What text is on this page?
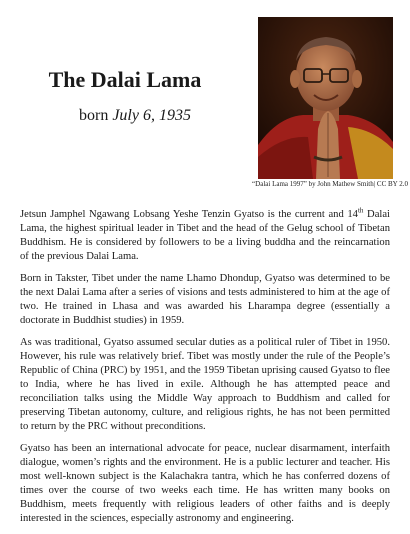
The Dalai Lama
born July 6, 1935
“Dalai Lama 1997” by John Mathew Smith| CC BY 2.0

Jetsun Jamphel Ngawang Lobsang Yeshe Tenzin Gyatso is the current and 14th Dalai Lama, the highest spiritual leader in Tibet and the head of the Gelug school of Tibetan Buddhism. He is considered by followers to be a living buddha and the reincarnation of the previous Dalai Lama.

Born in Takster, Tibet under the name Lhamo Dhondup, Gyatso was determined to be the next Dalai Lama after a series of visions and tests administered to him at the age of two. He trained in Lhasa and was awarded his Lharampa degree (essentially a doctorate in Buddhist studies) in 1959.

As was traditional, Gyatso assumed secular duties as a political ruler of Tibet in 1950. However, his rule was relatively brief. Tibet was mostly under the rule of the People’s Republic of China (PRC) by 1951, and the 1959 Tibetan uprising caused Gyatso to flee to India, where he has lived in exile. Although he has attempted peace and reconciliation talks using the Middle Way approach to Buddhism and called for preserving Tibetan autonomy, culture, and religious rights, he has not been permitted to return by the PRC without preconditions.

Gyatso has been an international advocate for peace, nuclear disarmament, interfaith dialogue, women’s rights and the environment. He is a public lecturer and teacher. His most well-known subject is the Kalachakra tantra, which he has conferred dozens of times over the course of two weeks each time. He has written many books on Buddhism, meets frequently with religious leaders of other faiths and is deeply interested in the sciences, especially astronomy and engineering.
